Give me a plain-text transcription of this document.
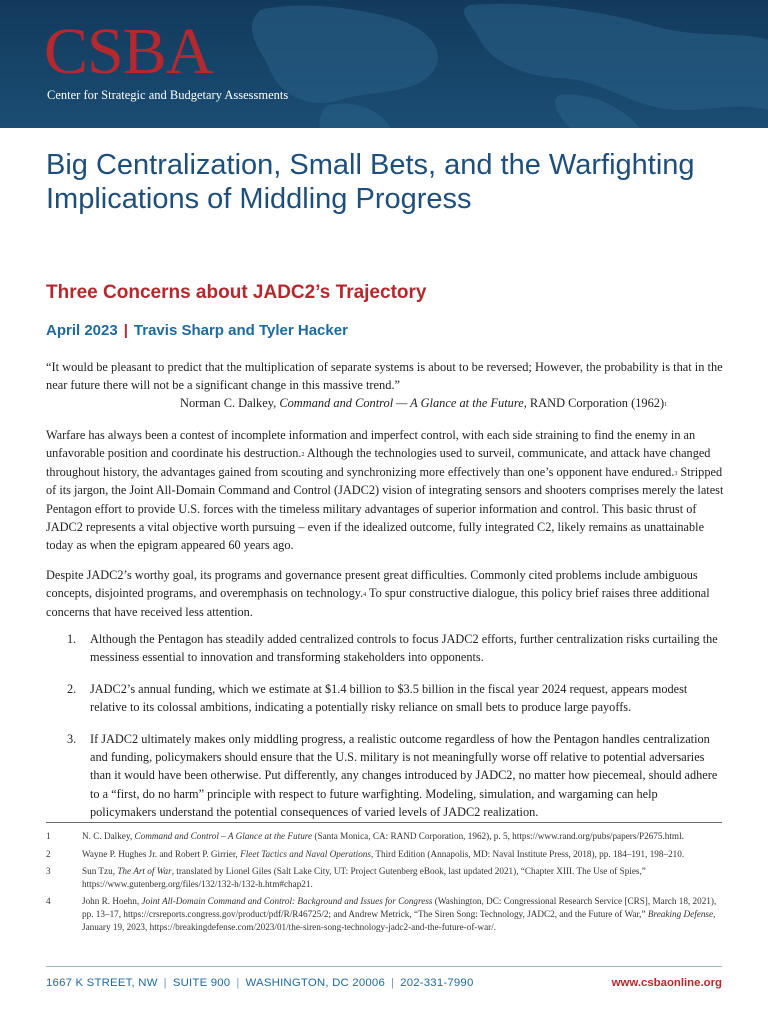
CSBA
Center for Strategic and Budgetary Assessments
Big Centralization, Small Bets, and the Warfighting Implications of Middling Progress
Three Concerns about JADC2’s Trajectory
April 2023 | Travis Sharp and Tyler Hacker
“It would be pleasant to predict that the multiplication of separate systems is about to be reversed; However, the probability is that in the near future there will not be a significant change in this massive trend.”
Norman C. Dalkey, Command and Control — A Glance at the Future, RAND Corporation $(1962)^1$

Warfare has always been a contest of incomplete information and imperfect control, with each side straining to find the enemy in an unfavorable position and coordinate his destruction.$^2$ Although the technologies used to surveil, communicate, and attack have changed throughout history, the advantages gained from scouting and synchronizing more effectively than one’s opponent have endured.$^3$ Stripped of its jargon, the Joint All-Domain Command and Control (JADC2) vision of integrating sensors and shooters comprises merely the latest Pentagon effort to provide U.S. forces with the timeless military advantages of superior information and control. This basic thrust of JADC2 represents a vital objective worth pursuing – even if the idealized outcome, fully integrated C2, likely remains as unattainable today as when the epigram appeared 60 years ago.

Despite JADC2’s worthy goal, its programs and governance present great difficulties. Commonly cited problems include ambiguous concepts, disjointed programs, and overemphasis on technology.$^4$ To spur constructive dialogue, this policy brief raises three additional concerns that have received less attention.

1. Although the Pentagon has steadily added centralized controls to focus JADC2 efforts, further centralization risks curtailing the messiness essential to innovation and transforming stakeholders into opponents.
2. JADC2’s annual funding, which we estimate at $1.4 billion to $3.5 billion in the fiscal year 2024 request, appears modest relative to its colossal ambitions, indicating a potentially risky reliance on small bets to produce large payoffs.
3. If JADC2 ultimately makes only middling progress, a realistic outcome regardless of how the Pentagon handles centralization and funding, policymakers should ensure that the U.S. military is not meaningfully worse off relative to potential adversaries than it would have been otherwise. Put differently, any changes introduced by JADC2, no matter how piecemeal, should adhere to a “first, do no harm” principle with respect to future warfighting. Modeling, simulation, and wargaming can help policymakers understand the potential consequences of varied levels of JADC2 realization.
1	N. C. Dalkey, Command and Control – A Glance at the Future (Santa Monica, CA: RAND Corporation, 1962), p. 5, https://www.rand.org/pubs/papers/P2675.html.
2	Wayne P. Hughes Jr. and Robert P. Girrier, Fleet Tactics and Naval Operations, Third Edition (Annapolis, MD: Naval Institute Press, 2018), pp. 184–191, 198–210.
3	Sun Tzu, The Art of War, translated by Lionel Giles (Salt Lake City, UT: Project Gutenberg eBook, last updated 2021), “Chapter XIII. The Use of Spies,” https://www.gutenberg.org/files/132/132-h/132-h.htm#chap21.
4	John R. Hoehn, Joint All-Domain Command and Control: Background and Issues for Congress (Washington, DC: Congressional Research Service [CRS], March 18, 2021), pp. 13–17, https://crsreports.congress.gov/product/pdf/R/R46725/2; and Andrew Metrick, “The Siren Song: Technology, JADC2, and the Future of War,” Breaking Defense, January 19, 2023, https://breakingdefense.com/2023/01/the-siren-song-technology-jadc2-and-the-future-of-war/.
1667 K STREET, NW | SUITE 900 | WASHINGTON, DC 20006 | 202-331-7990	www.csbaonline.org
